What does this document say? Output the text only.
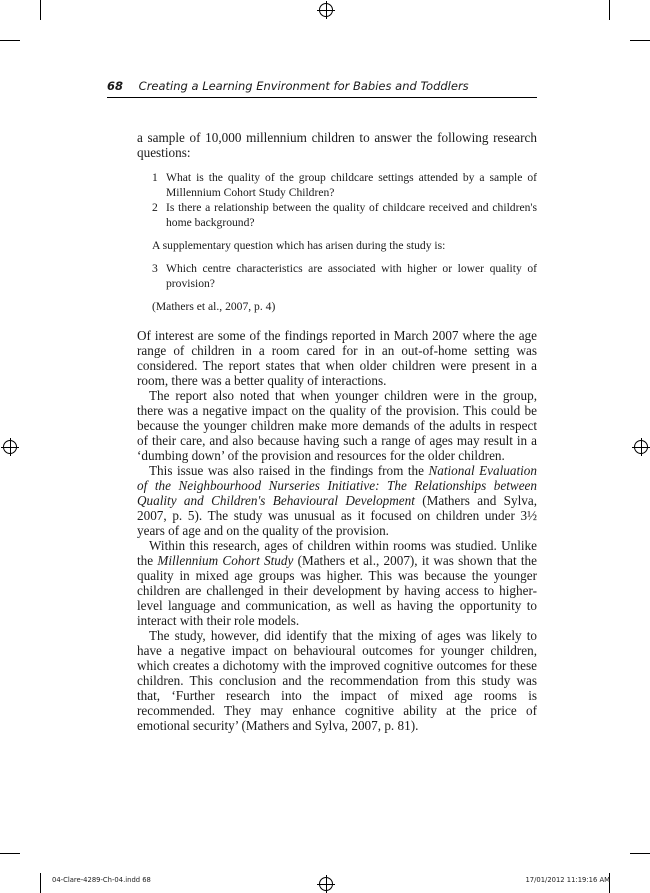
68 Creating a Learning Environment for Babies and Toddlers

a sample of 10,000 millennium children to answer the following research questions:

1 What is the quality of the group childcare settings attended by a sample of Millennium Cohort Study Children?
2 Is there a relationship between the quality of childcare received and children's home background?

A supplementary question which has arisen during the study is:

3 Which centre characteristics are associated with higher or lower quality of provision?

(Mathers et al., 2007, p. 4)

Of interest are some of the findings reported in March 2007 where the age range of children in a room cared for in an out-of-home setting was considered. The report states that when older children were present in a room, there was a better quality of interactions.

The report also noted that when younger children were in the group, there was a negative impact on the quality of the provision. This could be because the younger children make more demands of the adults in respect of their care, and also because having such a range of ages may result in a ‘dumbing down’ of the provision and resources for the older children.

This issue was also raised in the findings from the National Evaluation of the Neighbourhood Nurseries Initiative: The Relationships between Quality and Children's Behavioural Development (Mathers and Sylva, 2007, p. 5). The study was unusual as it focused on children under 3½ years of age and on the quality of the provision.

Within this research, ages of children within rooms was studied. Unlike the Millennium Cohort Study (Mathers et al., 2007), it was shown that the quality in mixed age groups was higher. This was because the younger children are challenged in their development by having access to higher-level language and communication, as well as having the opportunity to interact with their role models.

The study, however, did identify that the mixing of ages was likely to have a negative impact on behavioural outcomes for younger children, which creates a dichotomy with the improved cognitive outcomes for these children. This conclusion and the recommendation from this study was that, ‘Further research into the impact of mixed age rooms is recommended. They may enhance cognitive ability at the price of emotional security’ (Mathers and Sylva, 2007, p. 81).

04-Clare-4289-Ch-04.indd 68	17/01/2012 11:19:16 AM
